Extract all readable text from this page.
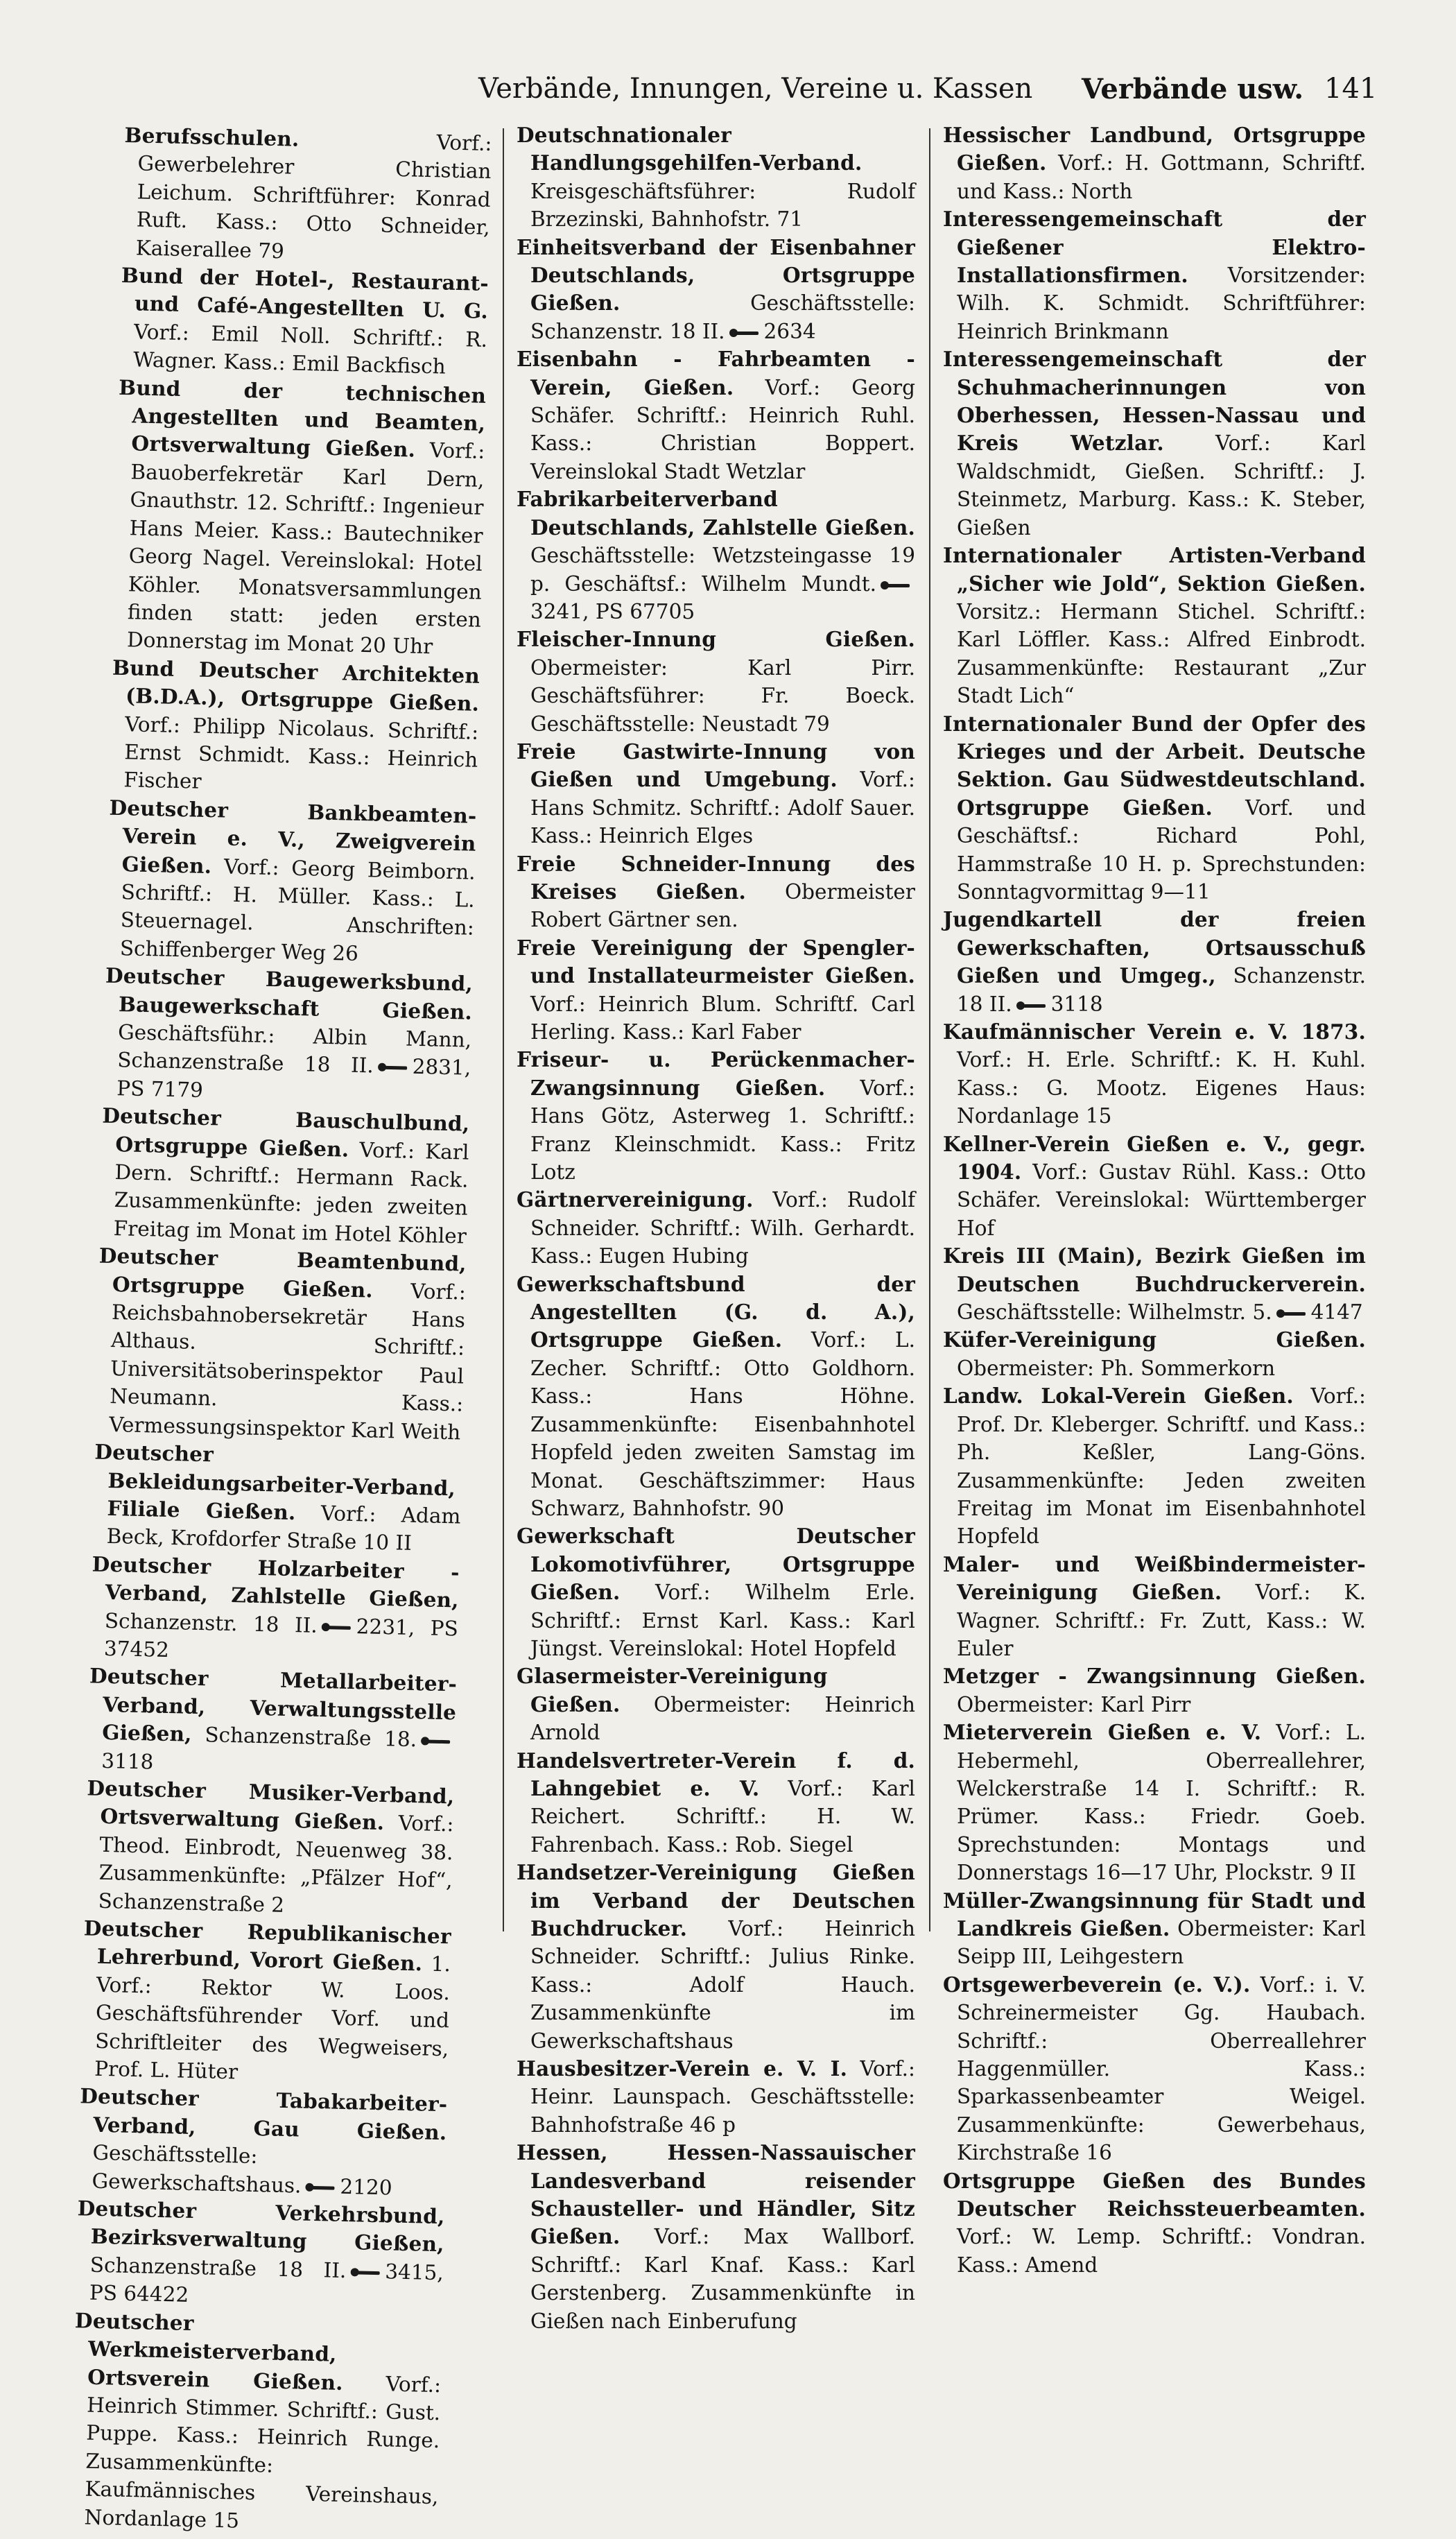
Verbände, Innungen, Vereine u. Kassen Verbände usw. 141

Berufsschulen.	Vorf.: Gewerbelehrer Christian Leichum. Schriftführer: Konrad Ruft. Kass.: Otto Schneider, Kaiserallee 79

Bund der Hotel-, Restaurant- und Café-Angestellten U. G. Vorf.: Emil Noll. Schriftf.: R. Wagner. Kass.: Emil Backfisch

Bund der technischen Angestellten und Beamten, Ortsverwaltung Gießen. Vorf.: Bauoberfekretär Karl Dern, Gnauthstr. 12. Schriftf.: Ingenieur Hans Meier. Kass.: Bautechniker Georg Nagel. Vereinslokal: Hotel Köhler. Monatsversammlungen finden statt: jeden ersten Donnerstag im Monat 20 Uhr

Bund Deutscher Architekten (B.D.A.), Ortsgruppe Gießen. Vorf.: Philipp Nicolaus. Schriftf.: Ernst Schmidt. Kass.: Heinrich Fischer

Deutscher Bankbeamten-Verein e. V., Zweigverein Gießen. Vorf.: Georg Beimborn. Schriftf.: H. Müller. Kass.: L. Steuernagel. Anschriften: Schiffenberger Weg 26

Deutscher Baugewerksbund, Baugewerkschaft Gießen. Geschäftsführ.: Albin Mann, Schanzenstraße 18 II. 2831, PS 7179

Deutscher Bauschulbund, Ortsgruppe Gießen. Vorf.: Karl Dern. Schriftf.: Hermann Rack. Zusammenkünfte: jeden zweiten Freitag im Monat im Hotel Köhler

Deutscher Beamtenbund, Ortsgruppe Gießen. Vorf.: Reichsbahnobersekretär Hans Althaus. Schriftf.: Universitätsoberinspektor Paul Neumann. Kass.: Vermessungsinspektor Karl Weith

Deutscher Bekleidungsarbeiter-Verband, Filiale Gießen. Vorf.: Adam Beck, Krofdorfer Straße 10 II

Deutscher Holzarbeiter - Verband, Zahlstelle Gießen, Schanzenstr. 18 II. 2231, PS 37452

Deutscher Metallarbeiter-Verband, Verwaltungsstelle Gießen, Schanzenstraße 18.3118

Deutscher Musiker-Verband, Ortsverwaltung Gießen. Vorf.: Theod. Einbrodt, Neuenweg 38. Zusammenkünfte: „Pfälzer Hof“, Schanzenstraße 2

Deutscher Republikanischer Lehrerbund, Vorort Gießen. 1. Vorf.: Rektor W. Loos. Geschäftsführender Vorf. und Schriftleiter des Wegweisers, Prof. L. Hüter

Deutscher Tabakarbeiter-Verband, Gau Gießen. Geschäftsstelle: Gewerkschaftshaus. 2120

Deutscher Verkehrsbund, Bezirksverwaltung Gießen, Schanzenstraße 18 II. 3415, PS 64422

Deutscher Werkmeisterverband, Ortsverein Gießen. Vorf.: Heinrich Stimmer. Schriftf.: Gust. Puppe. Kass.: Heinrich Runge. Zusammenkünfte: Kaufmännisches Vereinshaus, Nordanlage 15

Deutschnationaler Handlungsgehilfen-Verband. Kreisgeschäftsführer: Rudolf Brzezinski, Bahnhofstr. 71

Einheitsverband der Eisenbahner Deutschlands, Ortsgruppe Gießen.	Geschäftsstelle: Schanzenstr. 18 II. 2634

Eisenbahn - Fahrbeamten - Verein, Gießen. Vorf.: Georg Schäfer. Schriftf.: Heinrich Ruhl. Kass.: Christian Boppert. Vereinslokal Stadt Wetzlar

Fabrikarbeiterverband Deutschlands, Zahlstelle Gießen. Geschäftsstelle: Wetzsteingasse 19 p. Geschäftsf.: Wilhelm Mundt.3241, PS 67705

Fleischer-Innung Gießen. Obermeister: Karl Pirr. Geschäftsführer: Fr. Boeck. Geschäftsstelle: Neustadt 79

Freie Gastwirte-Innung von Gießen und Umgebung. Vorf.: Hans Schmitz. Schriftf.: Adolf Sauer. Kass.: Heinrich Elges

Freie Schneider-Innung des Kreises Gießen. Obermeister Robert Gärtner sen.

Freie Vereinigung der Spengler- und Installateurmeister Gießen. Vorf.: Heinrich Blum. Schriftf. Carl Herling. Kass.: Karl Faber

Friseur- u. Perückenmacher-Zwangsinnung Gießen. Vorf.: Hans Götz, Asterweg 1. Schriftf.: Franz Kleinschmidt. Kass.: Fritz Lotz

Gärtnervereinigung. Vorf.: Rudolf Schneider. Schriftf.: Wilh. Gerhardt. Kass.: Eugen Hubing

Gewerkschaftsbund der Angestellten (G. d. A.), Ortsgruppe Gießen. Vorf.: L. Zecher. Schriftf.: Otto Goldhorn. Kass.: Hans Höhne. Zusammenkünfte: Eisenbahnhotel Hopfeld jeden zweiten Samstag im Monat. Geschäftszimmer: Haus Schwarz, Bahnhofstr. 90

Gewerkschaft Deutscher Lokomotivführer, Ortsgruppe Gießen. Vorf.: Wilhelm Erle. Schriftf.: Ernst Karl. Kass.: Karl Jüngst. Vereinslokal: Hotel Hopfeld

Glasermeister-Vereinigung Gießen. Obermeister: Heinrich Arnold

Handelsvertreter-Verein f. d. Lahngebiet e. V. Vorf.: Karl Reichert. Schriftf.: H. W. Fahrenbach. Kass.: Rob. Siegel

Handsetzer-Vereinigung Gießen im Verband der Deutschen Buchdrucker. Vorf.: Heinrich Schneider. Schriftf.: Julius Rinke. Kass.: Adolf Hauch. Zusammenkünfte im Gewerkschaftshaus

Hausbesitzer-Verein e. V. I. Vorf.: Heinr. Launspach. Geschäftsstelle: Bahnhofstraße 46 p

Hessen, Hessen-Nassauischer Landesverband reisender Schausteller- und Händler, Sitz Gießen. Vorf.: Max Wallborf. Schriftf.: Karl Knaf. Kass.: Karl Gerstenberg. Zusammenkünfte in Gießen nach Einberufung

Hessischer Landbund, Ortsgruppe Gießen. Vorf.: H. Gottmann, Schriftf. und Kass.: North

Interessengemeinschaft der Gießener Elektro-Installationsfirmen. Vorsitzender: Wilh. K. Schmidt. Schriftführer: Heinrich Brinkmann

Interessengemeinschaft der Schuhmacherinnungen von Oberhessen, Hessen-Nassau und Kreis Wetzlar.	Vorf.: Karl Waldschmidt, Gießen. Schriftf.: J. Steinmetz, Marburg. Kass.: K. Steber, Gießen

Internationaler Artisten-Verband „Sicher wie Jold“, Sektion Gießen. Vorsitz.: Hermann Stichel. Schriftf.: Karl Löffler. Kass.: Alfred Einbrodt. Zusammenkünfte: Restaurant „Zur Stadt Lich“

Internationaler Bund der Opfer des Krieges und der Arbeit. Deutsche Sektion. Gau Südwestdeutschland. Ortsgruppe Gießen. Vorf. und Geschäftsf.: Richard Pohl, Hammstraße 10 H. p. Sprechstunden: Sonntagvormittag 9—11

Jugendkartell der freien Gewerkschaften, Ortsausschuß Gießen und Umgeg., Schanzenstr. 18 II. 3118

Kaufmännischer Verein e. V. 1873. Vorf.: H. Erle. Schriftf.: K. H. Kuhl. Kass.: G. Mootz. Eigenes Haus: Nordanlage 15

Kellner-Verein Gießen e. V., gegr. 1904. Vorf.: Gustav Rühl. Kass.: Otto Schäfer. Vereinslokal: Württemberger Hof

Kreis III (Main), Bezirk Gießen im Deutschen Buchdruckerverein. Geschäftsstelle: Wilhelmstr. 5. 4147

Küfer-Vereinigung Gießen. Obermeister: Ph. Sommerkorn

Landw. Lokal-Verein Gießen. Vorf.: Prof. Dr. Kleberger. Schriftf. und Kass.: Ph. Keßler, Lang-Göns. Zusammenkünfte: Jeden zweiten Freitag im Monat im Eisenbahnhotel Hopfeld

Maler- und Weißbindermeister-Vereinigung Gießen. Vorf.: K. Wagner. Schriftf.: Fr. Zutt, Kass.: W. Euler

Metzger - Zwangsinnung Gießen. Obermeister: Karl Pirr

Mieterverein Gießen e. V. Vorf.: L. Hebermehl, Oberreallehrer, Welckerstraße 14 I. Schriftf.: R. Prümer. Kass.: Friedr. Goeb. Sprechstunden: Montags und Donnerstags 16—17 Uhr, Plockstr. 9 II

Müller-Zwangsinnung für Stadt und Landkreis Gießen. Obermeister: Karl Seipp III, Leihgestern

Ortsgewerbeverein (e. V.). Vorf.: i. V. Schreinermeister Gg. Haubach. Schriftf.: Oberreallehrer Haggenmüller. Kass.: Sparkassenbeamter Weigel. Zusammenkünfte: Gewerbehaus, Kirchstraße 16

Ortsgruppe Gießen des Bundes Deutscher Reichssteuerbeamten. Vorf.: W. Lemp. Schriftf.: Vondran. Kass.: Amend
